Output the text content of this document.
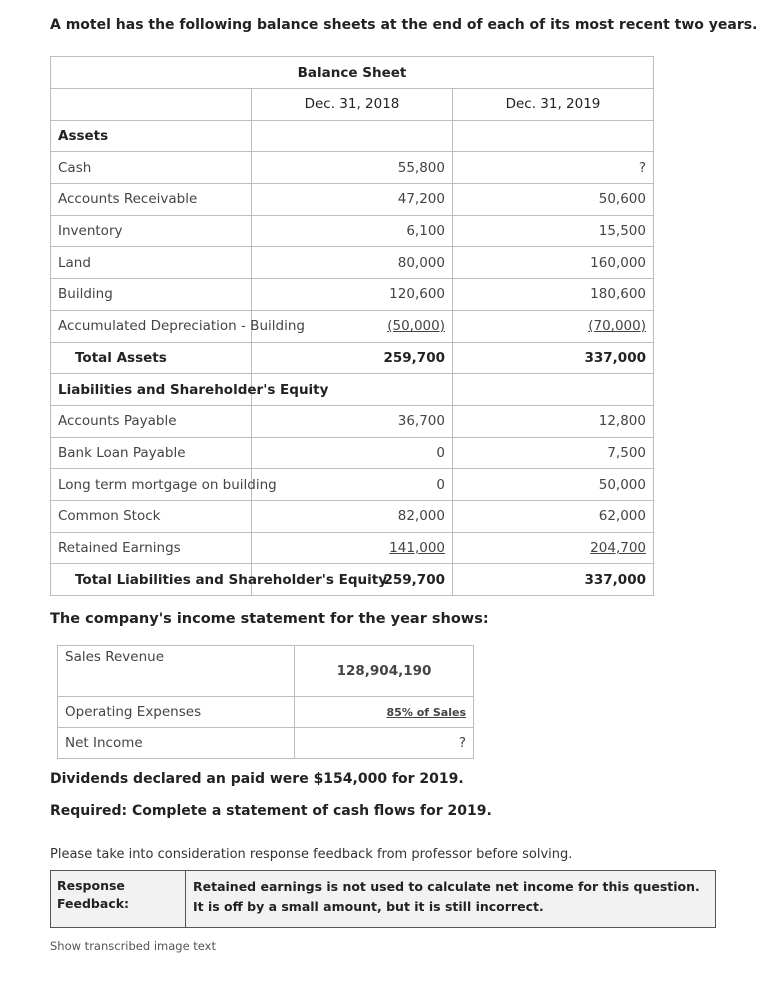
A motel has the following balance sheets at the end of each of its most recent two years.
Balance Sheet		
	Dec. 31, 2018	Dec. 31, 2019
Assets		
Cash	55,800	?
Accounts Receivable	47,200	50,600
Inventory	6,100	15,500
Land	80,000	160,000
Building	120,600	180,600
Accumulated Depreciation - Building	(50,000)	(70,000)
Total Assets	259,700	337,000
Liabilities and Shareholder's Equity		
Accounts Payable	36,700	12,800
Bank Loan Payable	0	7,500
Long term mortgage on building	0	50,000
Common Stock	82,000	62,000
Retained Earnings	141,000	204,700
Total Liabilities and Shareholder's Equity	259,700	337,000
The company's income statement for the year shows:
Sales Revenue	128,904,190
Operating Expenses	85% of Sales
Net Income	?
Dividends declared an paid were $154,000 for 2019.
Required: Complete a statement of cash flows for 2019.
Please take into consideration response feedback from professor before solving.
Response Feedback:
Retained earnings is not used to calculate net income for this question. It is off by a small amount, but it is still incorrect.
Show transcribed image text
